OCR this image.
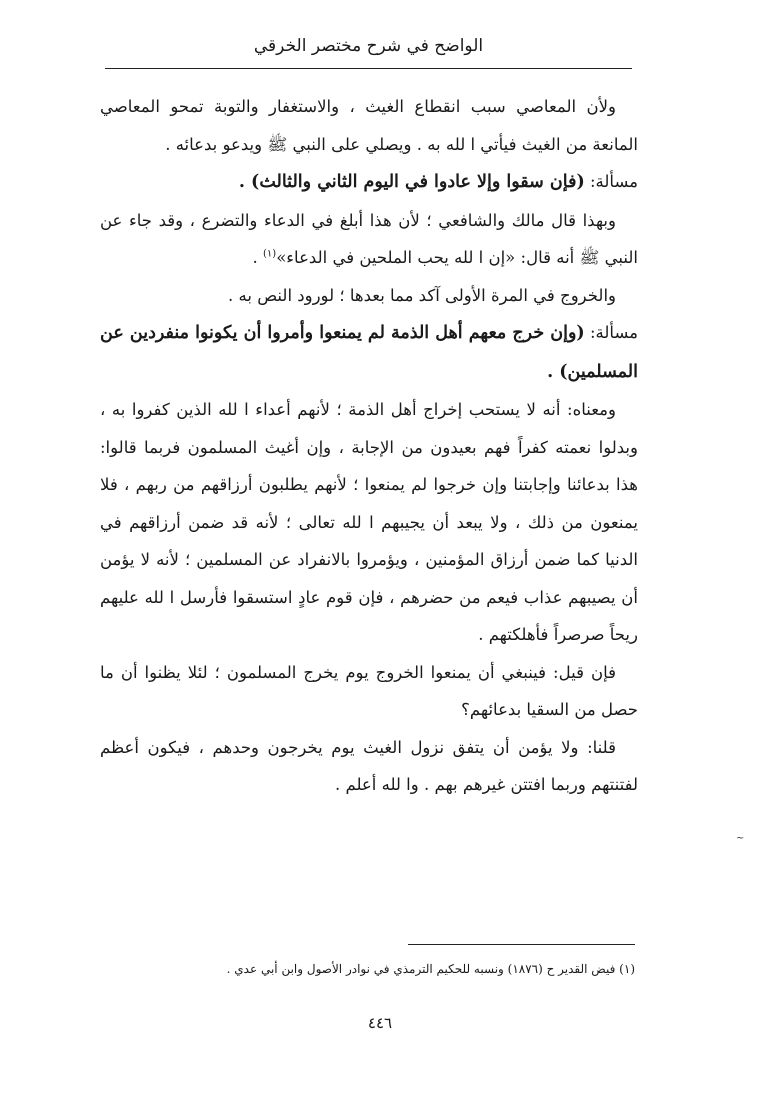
الواضح في شرح مختصر الخرقي

ولأن المعاصي سبب انقطاع الغيث ، والاستغفار والتوبة تمحو المعاصي المانعة من الغيث فيأتي ا لله به . ويصلي على النبي ﷺ ويدعو بدعائه .

مسألة: (فإن سقوا وإلا عادوا في اليوم الثاني والثالث) .

وبهذا قال مالك والشافعي ؛ لأن هذا أبلغ في الدعاء والتضرع ، وقد جاء عن النبي ﷺ أنه قال: «إن ا لله يحب الملحين في الدعاء»$^{(١)}$ .

والخروج في المرة الأولى آكد مما بعدها ؛ لورود النص به .

مسألة: (وإن خرج معهم أهل الذمة لم يمنعوا وأمروا أن يكونوا منفردين عن المسلمين) .

ومعناه: أنه لا يستحب إخراج أهل الذمة ؛ لأنهم أعداء ا لله الذين كفروا به ، وبدلوا نعمته كفراً فهم بعيدون من الإجابة ، وإن أغيث المسلمون فربما قالوا: هذا بدعائنا وإجابتنا وإن خرجوا لم يمنعوا ؛ لأنهم يطلبون أرزاقهم من ربهم ، فلا يمنعون من ذلك ، ولا يبعد أن يجيبهم ا لله تعالى ؛ لأنه قد ضمن أرزاقهم في الدنيا كما ضمن أرزاق المؤمنين ، ويؤمروا بالانفراد عن المسلمين ؛ لأنه لا يؤمن أن يصيبهم عذاب فيعم من حضرهم ، فإن قوم عادٍ استسقوا فأرسل ا لله عليهم ريحاً صرصراً فأهلكتهم .

فإن قيل: فينبغي أن يمنعوا الخروج يوم يخرج المسلمون ؛ لئلا يظنوا أن ما حصل من السقيا بدعائهم؟

قلنا: ولا يؤمن أن يتفق نزول الغيث يوم يخرجون وحدهم ، فيكون أعظم لفتنتهم وربما افتتن غيرهم بهم . وا لله أعلم .

~
(١) فيض القدير ح (١٨٧٦) ونسبه للحكيم الترمذي في نوادر الأصول وابن أبي عدي .
٤٤٦
